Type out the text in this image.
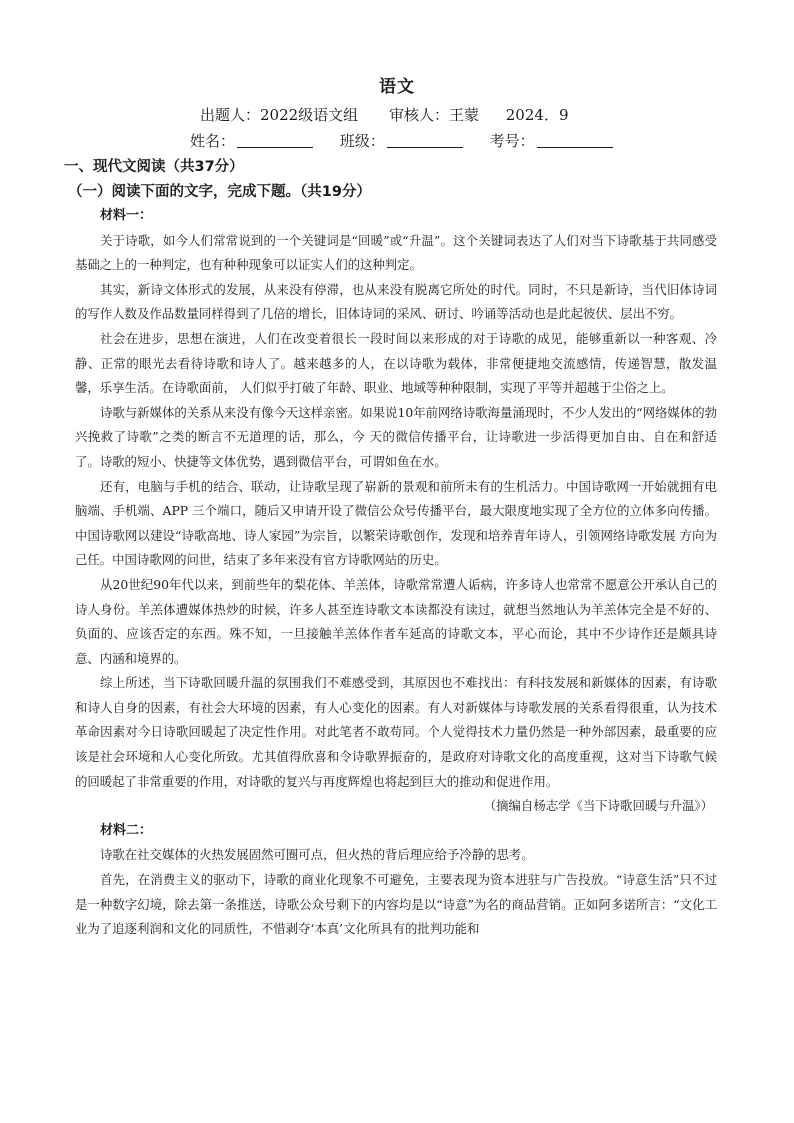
语文
出题人：2022级语文组 审核人：王蒙 2024．9
姓名：	班级：	考号：
一、现代文阅读（共37分）
（一）阅读下面的文字，完成下题。（共19分）

材料一：

关于诗歌，如今人们常常说到的一个关键词是“回暖”或“升温”。这个关键词表达了人们对当下诗歌基于共同感受基础之上的一种判定，也有种种现象可以证实人们的这种判定。

其实，新诗文体形式的发展，从来没有停滞，也从来没有脱离它所处的时代。同时，不只是新诗，当代旧体诗词的写作人数及作品数量同样得到了几倍的增长，旧体诗词的采风、研讨、吟诵等活动也是此起彼伏、层出不穷。

社会在进步，思想在演进，人们在改变着很长一段时间以来形成的对于诗歌的成见，能够重新以一种客观、冷静、正常的眼光去看待诗歌和诗人了。越来越多的人，在以诗歌为载体，非常便捷地交流感情，传递智慧，散发温馨，乐享生活。在诗歌面前， 人们似乎打破了年龄、职业、地域等种种限制，实现了平等并超越于尘俗之上。

诗歌与新媒体的关系从来没有像今天这样亲密。如果说10年前网络诗歌海量涌现时，不少人发出的“网络媒体的勃兴挽救了诗歌”之类的断言不无道理的话，那么，今 天的微信传播平台，让诗歌进一步活得更加自由、自在和舒适了。诗歌的短小、快捷等文体优势，遇到微信平台，可谓如鱼在水。

还有，电脑与手机的结合、联动，让诗歌呈现了崭新的景观和前所未有的生机活力。中国诗歌网一开始就拥有电脑端、手机端、APP 三个端口，随后又申请开设了微信公众号传播平台，最大限度地实现了全方位的立体多向传播。中国诗歌网以建设“诗歌高地、诗人家园”为宗旨，以繁荣诗歌创作，发现和培养青年诗人，引领网络诗歌发展 方向为己任。中国诗歌网的问世，结束了多年来没有官方诗歌网站的历史。

从20世纪90年代以来，到前些年的梨花体、羊羔体，诗歌常常遭人诟病，许多诗人也常常不愿意公开承认自己的诗人身份。羊羔体遭媒体热炒的时候，许多人甚至连诗歌文本读都没有读过，就想当然地认为羊羔体完全是不好的、负面的、应该否定的东西。殊不知，一旦接触羊羔体作者车延高的诗歌文本，平心而论，其中不少诗作还是颇具诗意、内涵和境界的。

综上所述，当下诗歌回暖升温的氛围我们不难感受到，其原因也不难找出：有科技发展和新媒体的因素，有诗歌和诗人自身的因素，有社会大环境的因素，有人心变化的因素。有人对新媒体与诗歌发展的关系看得很重，认为技术革命因素对今日诗歌回暖起了决定性作用。对此笔者不敢苟同。个人觉得技术力量仍然是一种外部因素，最重要的应该是社会环境和人心变化所致。尤其值得欣喜和令诗歌界振奋的，是政府对诗歌文化的高度重视，这对当下诗歌气候的回暖起了非常重要的作用，对诗歌的复兴与再度辉煌也将起到巨大的推动和促进作用。

（摘编自杨志学《当下诗歌回暖与升温》）

材料二：

诗歌在社交媒体的火热发展固然可圈可点，但火热的背后理应给予冷静的思考。

首先，在消费主义的驱动下，诗歌的商业化现象不可避免，主要表现为资本进驻与广告投放。“诗意生活”只不过是一种数字幻境，除去第一条推送，诗歌公众号剩下的内容均是以“诗意”为名的商品营销。正如阿多诺所言：“文化工业为了追逐利润和文化的同质性，不惜剥夺‘本真’文化所具有的批判功能和
